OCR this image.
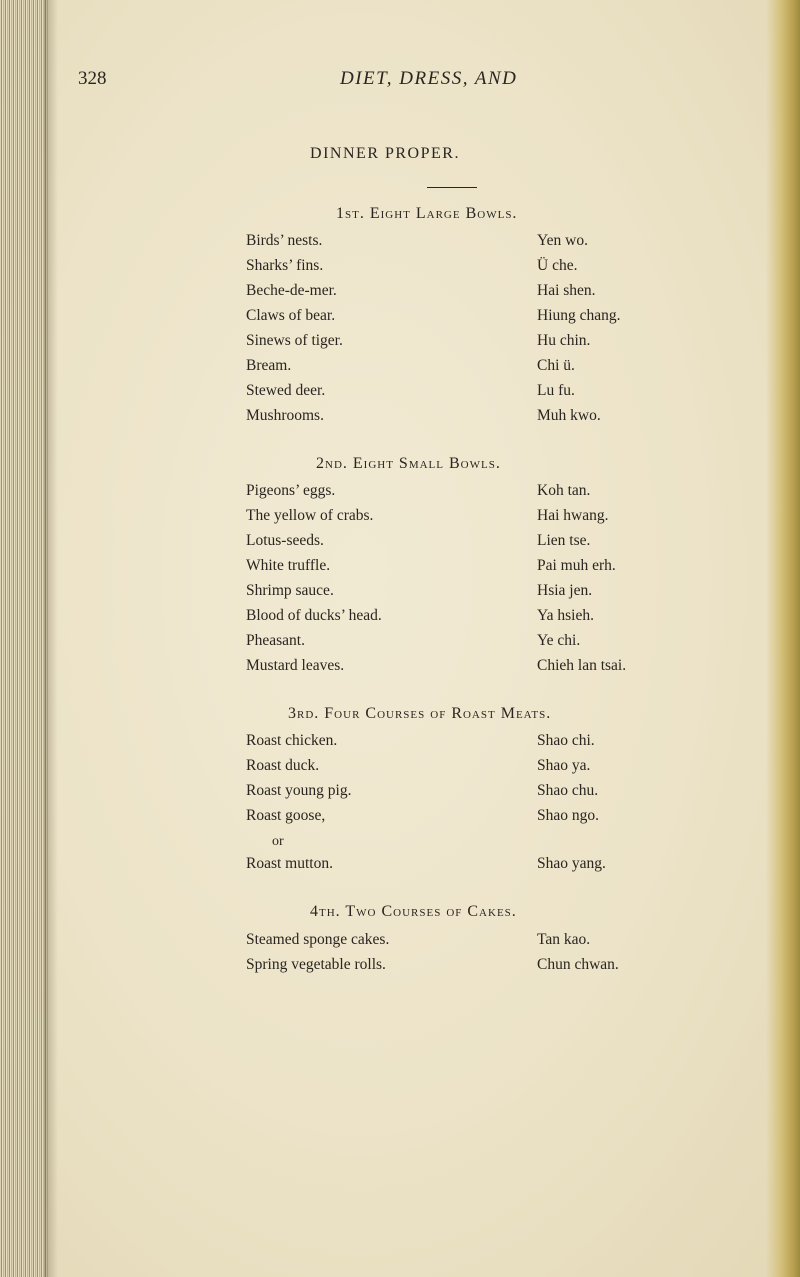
328	DIET, DRESS, AND
DINNER PROPER.
1st. Eight Large Bowls.
Birds’ nests.	Yen wo.
Sharks’ fins.	Ü che.
Beche-de-mer.	Hai shen.
Claws of bear.	Hiung chang.
Sinews of tiger.	Hu chin.
Bream.	Chi ü.
Stewed deer.	Lu fu.
Mushrooms.	Muh kwo.
2nd. Eight Small Bowls.
Pigeons’ eggs.	Koh tan.
The yellow of crabs.	Hai hwang.
Lotus-seeds.	Lien tse.
White truffle.	Pai muh erh.
Shrimp sauce.	Hsia jen.
Blood of ducks’ head.	Ya hsieh.
Pheasant.	Ye chi.
Mustard leaves.	Chieh lan tsai.
3rd. Four Courses of Roast Meats.
Roast chicken.	Shao chi.
Roast duck.	Shao ya.
Roast young pig.	Shao chu.
Roast goose,	Shao ngo.
or
Roast mutton.	Shao yang.
4th. Two Courses of Cakes.
Steamed sponge cakes.	Tan kao.
Spring vegetable rolls.	Chun chwan.
